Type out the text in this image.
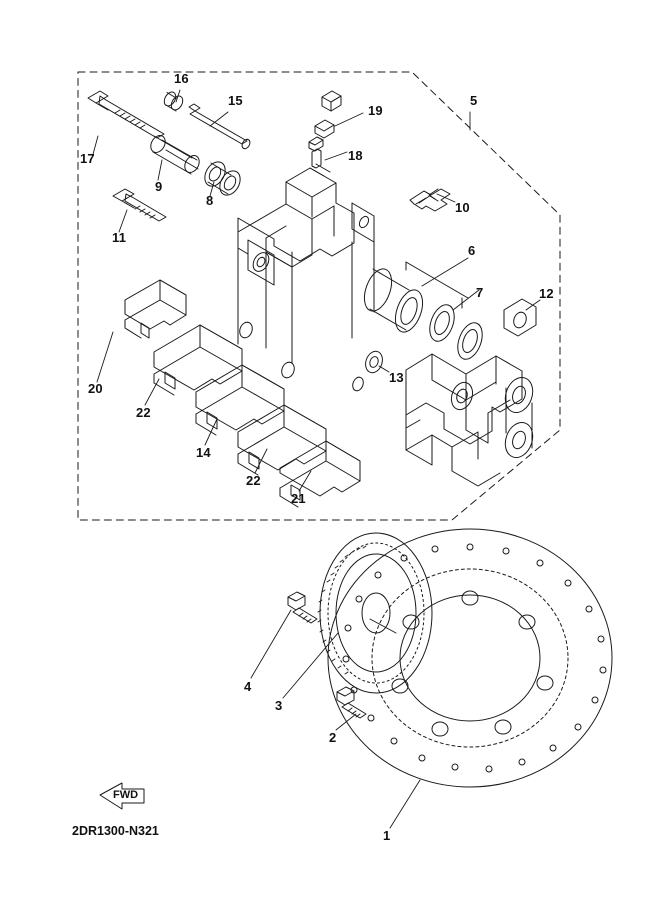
16
15
19
5
18
17
9
8	10
11
6
7	12
13
20
22
14
22
21
4
3
2
1
FWD
2DR1300-N321
